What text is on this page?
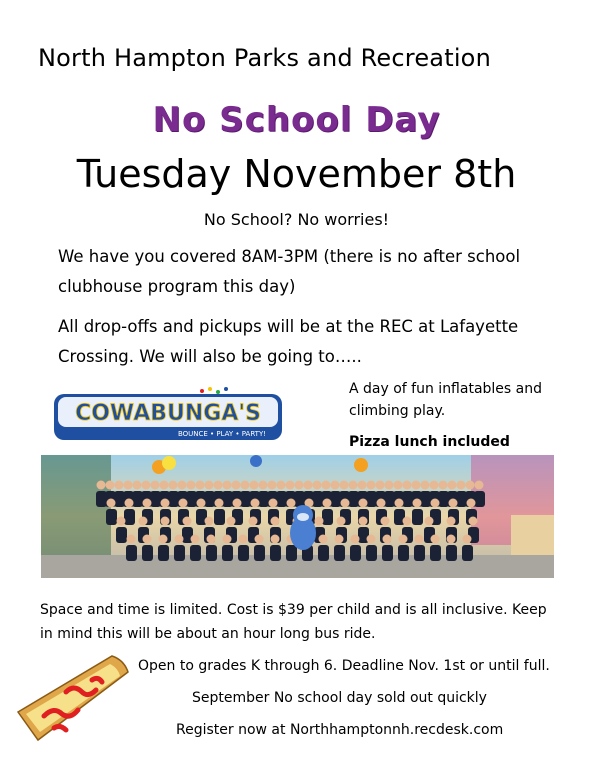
North Hampton Parks and Recreation
No School Day
Tuesday November 8th
No School? No worries!
We have you covered 8AM-3PM (there is no after school clubhouse program this day)
All drop-offs and pickups will be at the REC at Lafayette Crossing. We will also be going to…..
COWABUNGA'S
BOUNCE • PLAY • PARTY!
A day of fun inflatables and climbing play.
Pizza lunch included
Space and time is limited. Cost is $39 per child and is all inclusive. Keep
in mind this will be about an hour long bus ride.
Open to grades K through 6. Deadline Nov. 1st or until full.
September No school day sold out quickly
Register now at Northhamptonnh.recdesk.com
